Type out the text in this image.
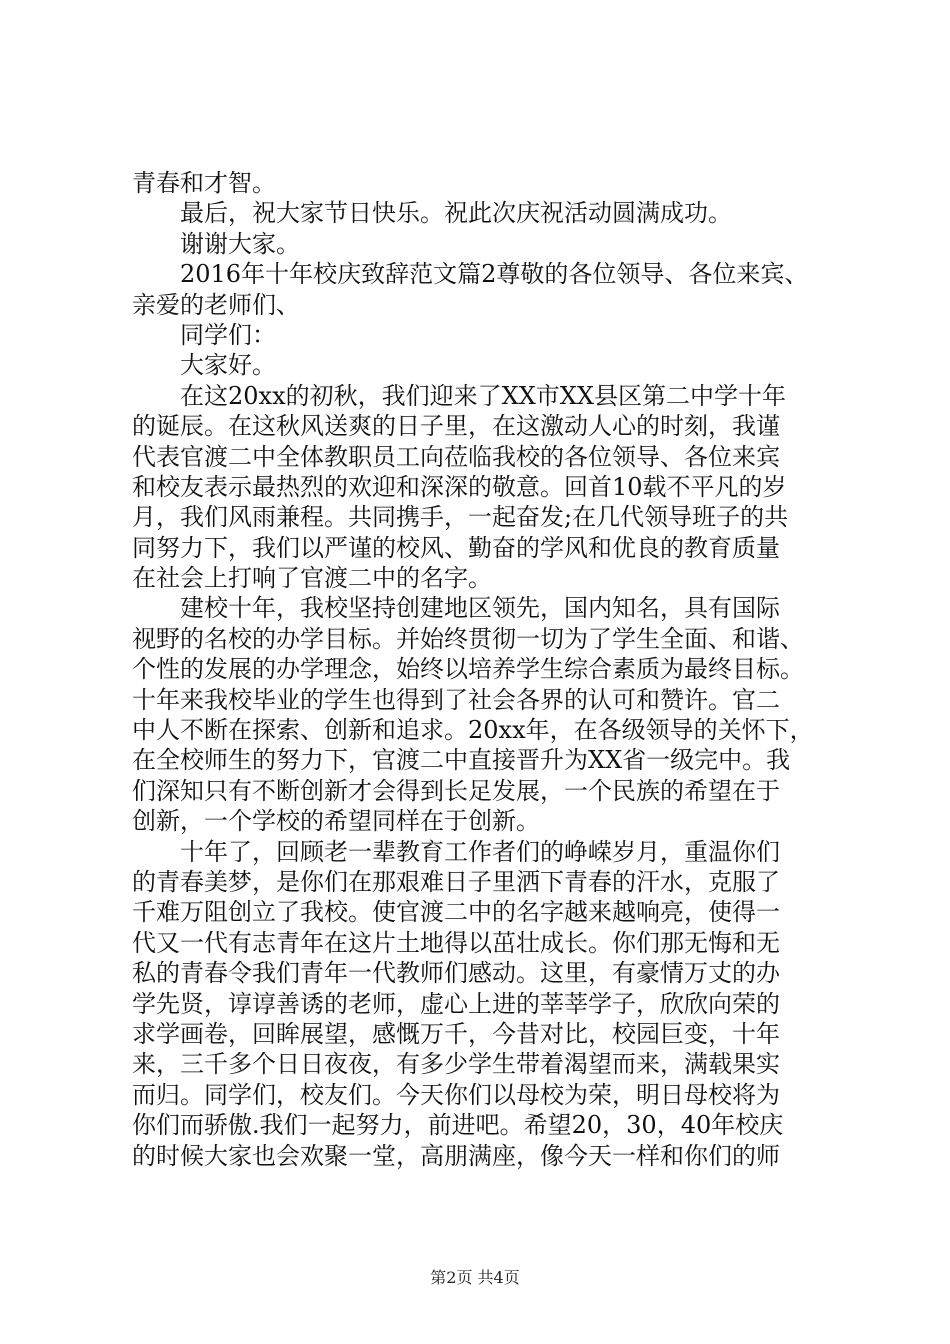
青春和才智。
最后，祝大家节日快乐。祝此次庆祝活动圆满成功。
谢谢大家。
2016年十年校庆致辞范文篇2尊敬的各位领导、各位来宾、
亲爱的老师们、
同学们：
大家好。
在这20xx的初秋，我们迎来了XX市XX县区第二中学十年
的诞辰。在这秋风送爽的日子里，在这激动人心的时刻，我谨
代表官渡二中全体教职员工向莅临我校的各位领导、各位来宾
和校友表示最热烈的欢迎和深深的敬意。回首10载不平凡的岁
月，我们风雨兼程。共同携手，一起奋发;在几代领导班子的共
同努力下，我们以严谨的校风、勤奋的学风和优良的教育质量
在社会上打响了官渡二中的名字。
建校十年，我校坚持创建地区领先，国内知名，具有国际
视野的名校的办学目标。并始终贯彻一切为了学生全面、和谐、
个性的发展的办学理念，始终以培养学生综合素质为最终目标。
十年来我校毕业的学生也得到了社会各界的认可和赞许。官二
中人不断在探索、创新和追求。20xx年，在各级领导的关怀下，
在全校师生的努力下，官渡二中直接晋升为XX省一级完中。我
们深知只有不断创新才会得到长足发展，一个民族的希望在于
创新，一个学校的希望同样在于创新。
十年了，回顾老一辈教育工作者们的峥嵘岁月，重温你们
的青春美梦，是你们在那艰难日子里洒下青春的汗水，克服了
千难万阻创立了我校。使官渡二中的名字越来越响亮，使得一
代又一代有志青年在这片土地得以茁壮成长。你们那无悔和无
私的青春令我们青年一代教师们感动。这里，有豪情万丈的办
学先贤，谆谆善诱的老师，虚心上进的莘莘学子，欣欣向荣的
求学画卷，回眸展望，感慨万千，今昔对比，校园巨变，十年
来，三千多个日日夜夜，有多少学生带着渴望而来，满载果实
而归。同学们，校友们。今天你们以母校为荣，明日母校将为
你们而骄傲.我们一起努力，前进吧。希望20，30，40年校庆
的时候大家也会欢聚一堂，高朋满座，像今天一样和你们的师
第2页 共4页
